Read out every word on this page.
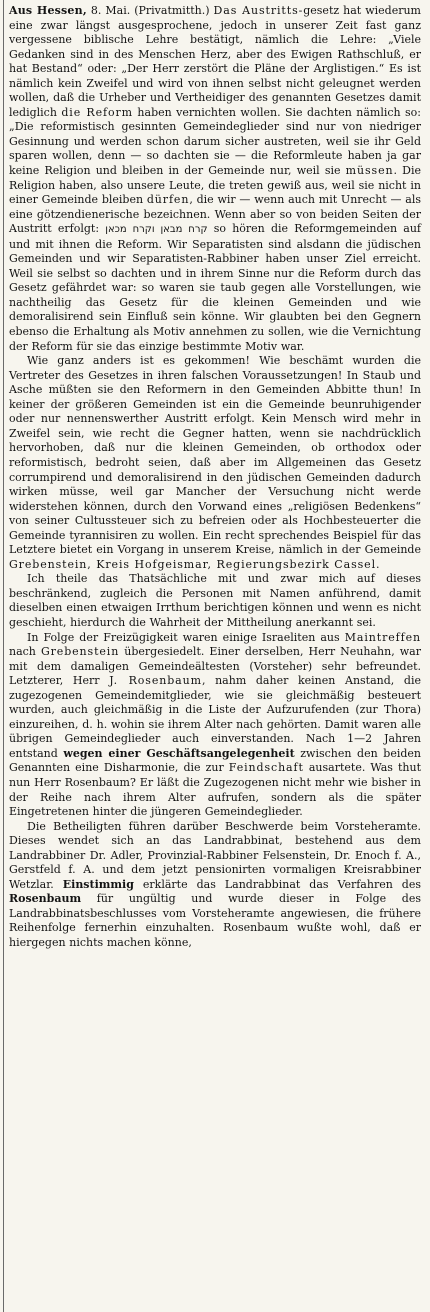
Aus Hessen, 8. Mai. (Privatmitth.) Das Austritts-gesetz hat wiederum eine zwar längst ausgesprochene, jedoch in unserer Zeit fast ganz vergessene biblische Lehre bestätigt, nämlich die Lehre: „Viele Gedanken sind in des Menschen Herz, aber des Ewigen Rathschluß, er hat Bestand“ oder: „Der Herr zerstört die Pläne der Arglistigen.“ Es ist nämlich kein Zweifel und wird von ihnen selbst nicht geleugnet werden wollen, daß die Urheber und Vertheidiger des genannten Gesetzes damit lediglich die Reform haben vernichten wollen. Sie dachten nämlich so: „Die reformistisch gesinnten Gemeindeglieder sind nur von niedriger Gesinnung und werden schon darum sicher austreten, weil sie ihr Geld sparen wollen, denn — so dachten sie — die Reformleute haben ja gar keine Religion und bleiben in der Gemeinde nur, weil sie müssen. Die Religion haben, also unsere Leute, die treten gewiß aus, weil sie nicht in einer Gemeinde bleiben dürfen, die wir — wenn auch mit Unrecht — als eine götzendienerische bezeichnen. Wenn aber so von beiden Seiten der Austritt erfolgt: קרח מבאן וקרח מכאן so hören die Reformgemeinden auf und mit ihnen die Reform. Wir Separatisten sind alsdann die jüdischen Gemeinden und wir Separatisten-Rabbiner haben unser Ziel erreicht. Weil sie selbst so dachten und in ihrem Sinne nur die Reform durch das Gesetz gefährdet war: so waren sie taub gegen alle Vorstellungen, wie nachtheilig das Gesetz für die kleinen Gemeinden und wie demoralisirend sein Einfluß sein könne. Wir glaubten bei den Gegnern ebenso die Erhaltung als Motiv annehmen zu sollen, wie die Vernichtung der Reform für sie das einzige bestimmte Motiv war.

Wie ganz anders ist es gekommen! Wie beschämt wurden die Vertreter des Gesetzes in ihren falschen Voraussetzungen! In Staub und Asche müßten sie den Reformern in den Gemeinden Abbitte thun! In keiner der größeren Gemeinden ist ein die Gemeinde beunruhigender oder nur nennenswerther Austritt erfolgt. Kein Mensch wird mehr in Zweifel sein, wie recht die Gegner hatten, wenn sie nachdrücklich hervorhoben, daß nur die kleinen Gemeinden, ob orthodox oder reformistisch, bedroht seien, daß aber im Allgemeinen das Gesetz corrumpirend und demoralisirend in den jüdischen Gemeinden dadurch wirken müsse, weil gar Mancher der Versuchung nicht werde widerstehen können, durch den Vorwand eines „religiösen Bedenkens“ von seiner Cultussteuer sich zu befreien oder als Hochbesteuerter die Gemeinde tyrannisiren zu wollen. Ein recht sprechendes Beispiel für das Letztere bietet ein Vorgang in unserem Kreise, nämlich in der Gemeinde Grebenstein, Kreis Hofgeismar, Regierungsbezirk Cassel.

Ich theile das Thatsächliche mit und zwar mich auf dieses beschränkend, zugleich die Personen mit Namen anführend, damit dieselben einen etwaigen Irrthum berichtigen können und wenn es nicht geschieht, hierdurch die Wahrheit der Mittheilung anerkannt sei.

In Folge der Freizügigkeit waren einige Israeliten aus Maintreffen nach Grebenstein übergesiedelt. Einer derselben, Herr Neuhahn, war mit dem damaligen Gemeindeältesten (Vorsteher) sehr befreundet. Letzterer, Herr J. Rosenbaum, nahm daher keinen Anstand, die zugezogenen Gemeindemitglieder, wie sie gleichmäßig besteuert wurden, auch gleichmäßig in die Liste der Aufzurufenden (zur Thora) einzureihen, d. h. wohin sie ihrem Alter nach gehörten. Damit waren alle übrigen Gemeindeglieder auch einverstanden. Nach 1—2 Jahren entstand wegen einer Geschäftsangelegenheit zwischen den beiden Genannten eine Disharmonie, die zur Feindschaft ausartete. Was thut nun Herr Rosenbaum? Er läßt die Zugezogenen nicht mehr wie bisher in der Reihe nach ihrem Alter aufrufen, sondern als die später Eingetretenen hinter die jüngeren Gemeindeglieder.

Die Betheiligten führen darüber Beschwerde beim Vorsteheramte. Dieses wendet sich an das Landrabbinat, bestehend aus dem Landrabbiner Dr. Adler, Provinzial-Rabbiner Felsenstein, Dr. Enoch f. A., Gerstfeld f. A. und dem jetzt pensionirten vormaligen Kreisrabbiner Wetzlar. Einstimmig erklärte das Landrabbinat das Verfahren des Rosenbaum für ungültig und wurde dieser in Folge des Landrabbinatsbeschlusses vom Vorsteheramte angewiesen, die frühere Reihenfolge fernerhin einzuhalten. Rosenbaum wußte wohl, daß er hiergegen nichts machen könne,
